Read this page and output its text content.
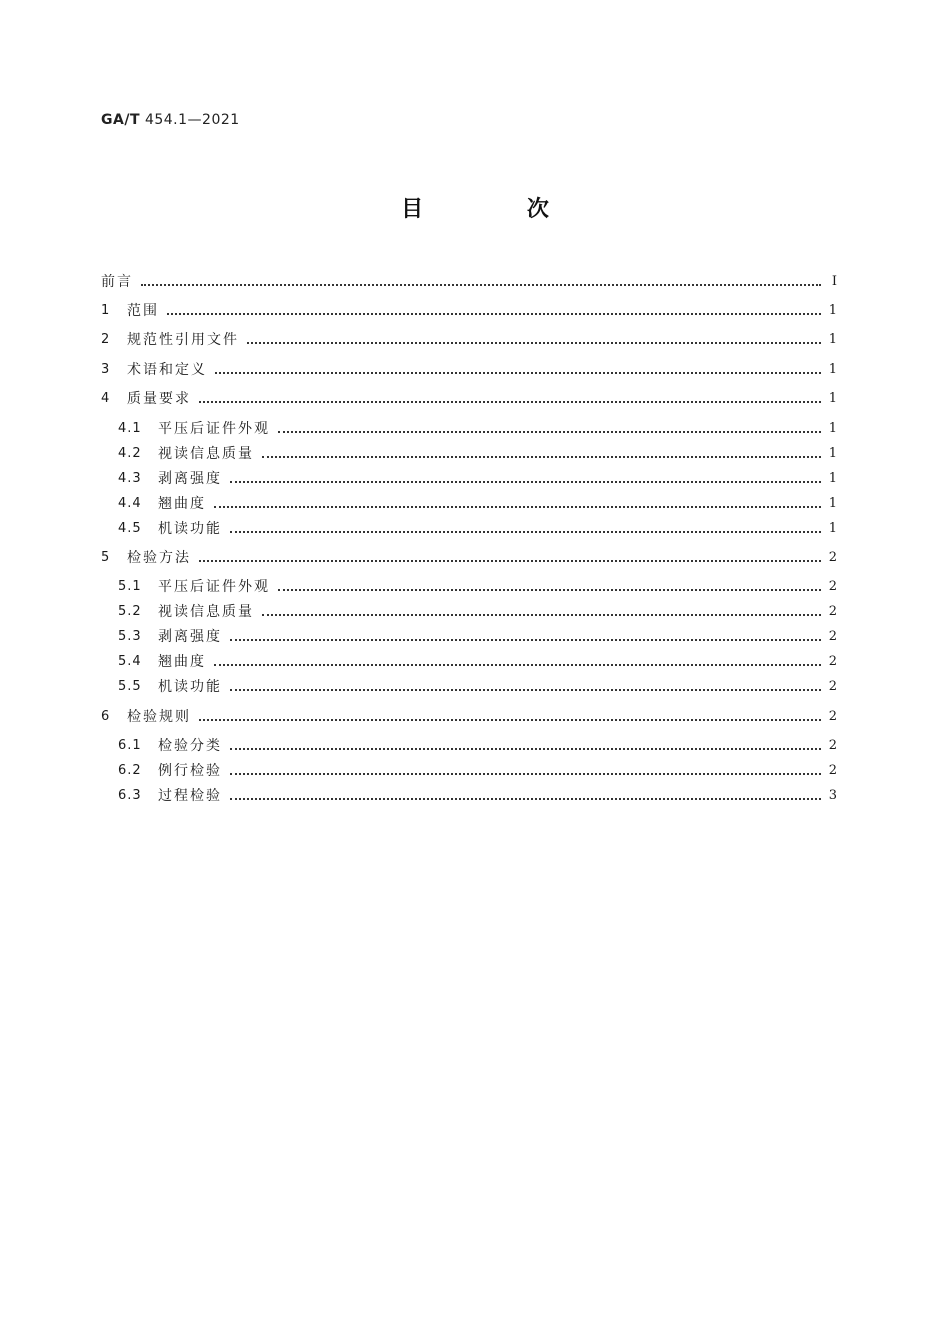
GA/T 454.1—2021
目 次
前言	Ⅰ
1	范围	1
2	规范性引用文件	1
3	术语和定义	1
4	质量要求	1
4.1	平压后证件外观	1
4.2	视读信息质量	1
4.3	剥离强度	1
4.4	翘曲度	1
4.5	机读功能	1
5	检验方法	2
5.1	平压后证件外观	2
5.2	视读信息质量	2
5.3	剥离强度	2
5.4	翘曲度	2
5.5	机读功能	2
6	检验规则	2
6.1	检验分类	2
6.2	例行检验	2
6.3	过程检验	3
